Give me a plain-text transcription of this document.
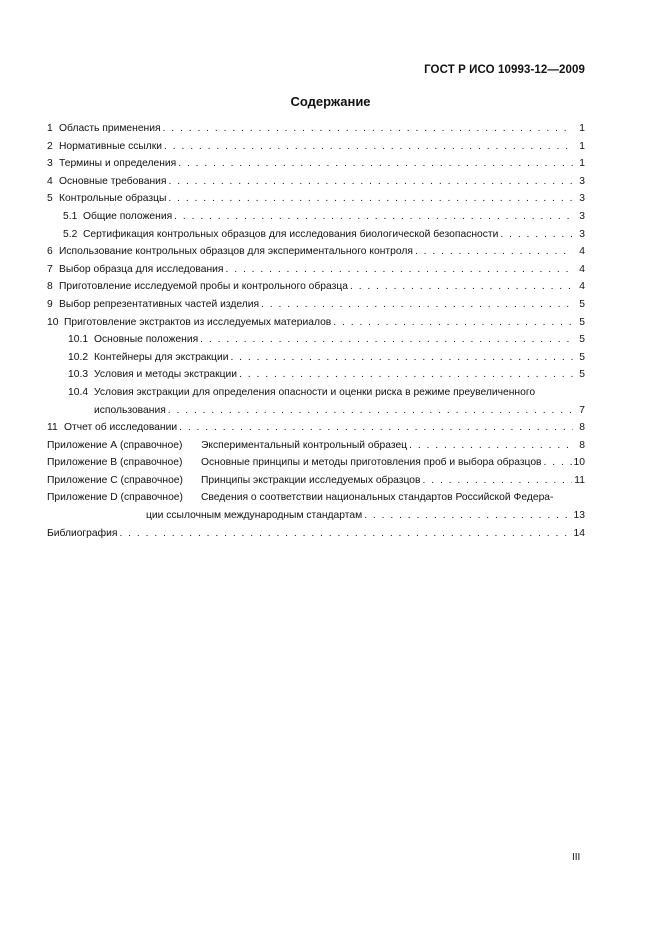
ГОСТ Р ИСО 10993-12—2009
Содержание
1 Область применения . . .	1
2 Нормативные ссылки . . .	1
3 Термины и определения . . .	1
4 Основные требования . . .	3
5 Контрольные образцы . . .	3
5.1 Общие положения . . .	3
5.2 Сертификация контрольных образцов для исследования биологической безопасности . . .	3
6 Использование контрольных образцов для экспериментального контроля . . .	4
7 Выбор образца для исследования . . .	4
8 Приготовление исследуемой пробы и контрольного образца . . .	4
9 Выбор репрезентативных частей изделия . . .	5
10 Приготовление экстрактов из исследуемых материалов . . .	5
10.1 Основные положения . . .	5
10.2 Контейнеры для экстракции . . .	5
10.3 Условия и методы экстракции . . .	5
10.4 Условия экстракции для определения опасности и оценки риска в режиме преувеличенного
использования . . .	7
11 Отчет об исследовании . . .	8
Приложение А (справочное) Экспериментальный контрольный образец . . .	8
Приложение В (справочное) Основные принципы и методы приготовления проб и выбора образцов . . .	10
Приложение С (справочное) Принципы экстракции исследуемых образцов . . .	11
Приложение D (справочное) Сведения о соответствии национальных стандартов Российской Федера-
ции ссылочным международным стандартам . . .	13
Библиография . . .	14
III
